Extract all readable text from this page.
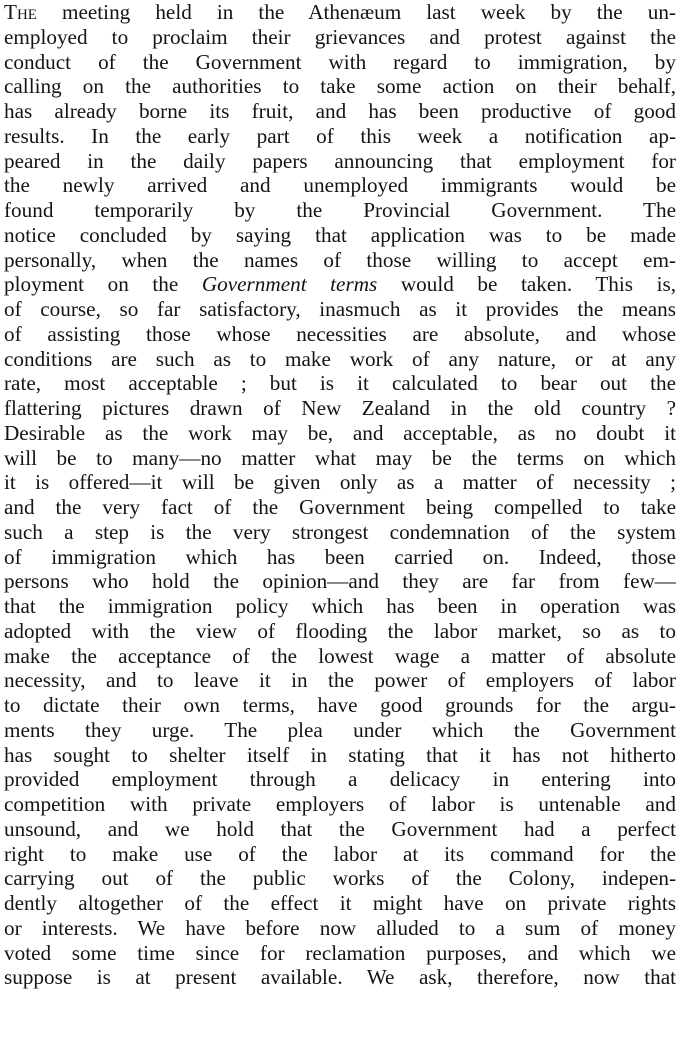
The meeting held in the Athenæum last week by the un-
employed to proclaim their grievances and protest against the
conduct of the Government with regard to immigration, by
calling on the authorities to take some action on their behalf,
has already borne its fruit, and has been productive of good
results. In the early part of this week a notification ap-
peared in the daily papers announcing that employment for
the newly arrived and unemployed immigrants would be
found temporarily by the Provincial Government. The
notice concluded by saying that application was to be made
personally, when the names of those willing to accept em-
ployment on the Government terms would be taken. This is,
of course, so far satisfactory, inasmuch as it provides the means
of assisting those whose necessities are absolute, and whose
conditions are such as to make work of any nature, or at any
rate, most acceptable ; but is it calculated to bear out the
flattering pictures drawn of New Zealand in the old country ?
Desirable as the work may be, and acceptable, as no doubt it
will be to many—no matter what may be the terms on which
it is offered—it will be given only as a matter of necessity ;
and the very fact of the Government being compelled to take
such a step is the very strongest condemnation of the system
of immigration which has been carried on. Indeed, those
persons who hold the opinion—and they are far from few—
that the immigration policy which has been in operation was
adopted with the view of flooding the labor market, so as to
make the acceptance of the lowest wage a matter of absolute
necessity, and to leave it in the power of employers of labor
to dictate their own terms, have good grounds for the argu-
ments they urge. The plea under which the Government
has sought to shelter itself in stating that it has not hitherto
provided employment through a delicacy in entering into
competition with private employers of labor is untenable and
unsound, and we hold that the Government had a perfect
right to make use of the labor at its command for the
carrying out of the public works of the Colony, indepen-
dently altogether of the effect it might have on private rights
or interests. We have before now alluded to a sum of money
voted some time since for reclamation purposes, and which we
suppose is at present available. We ask, therefore, now that
